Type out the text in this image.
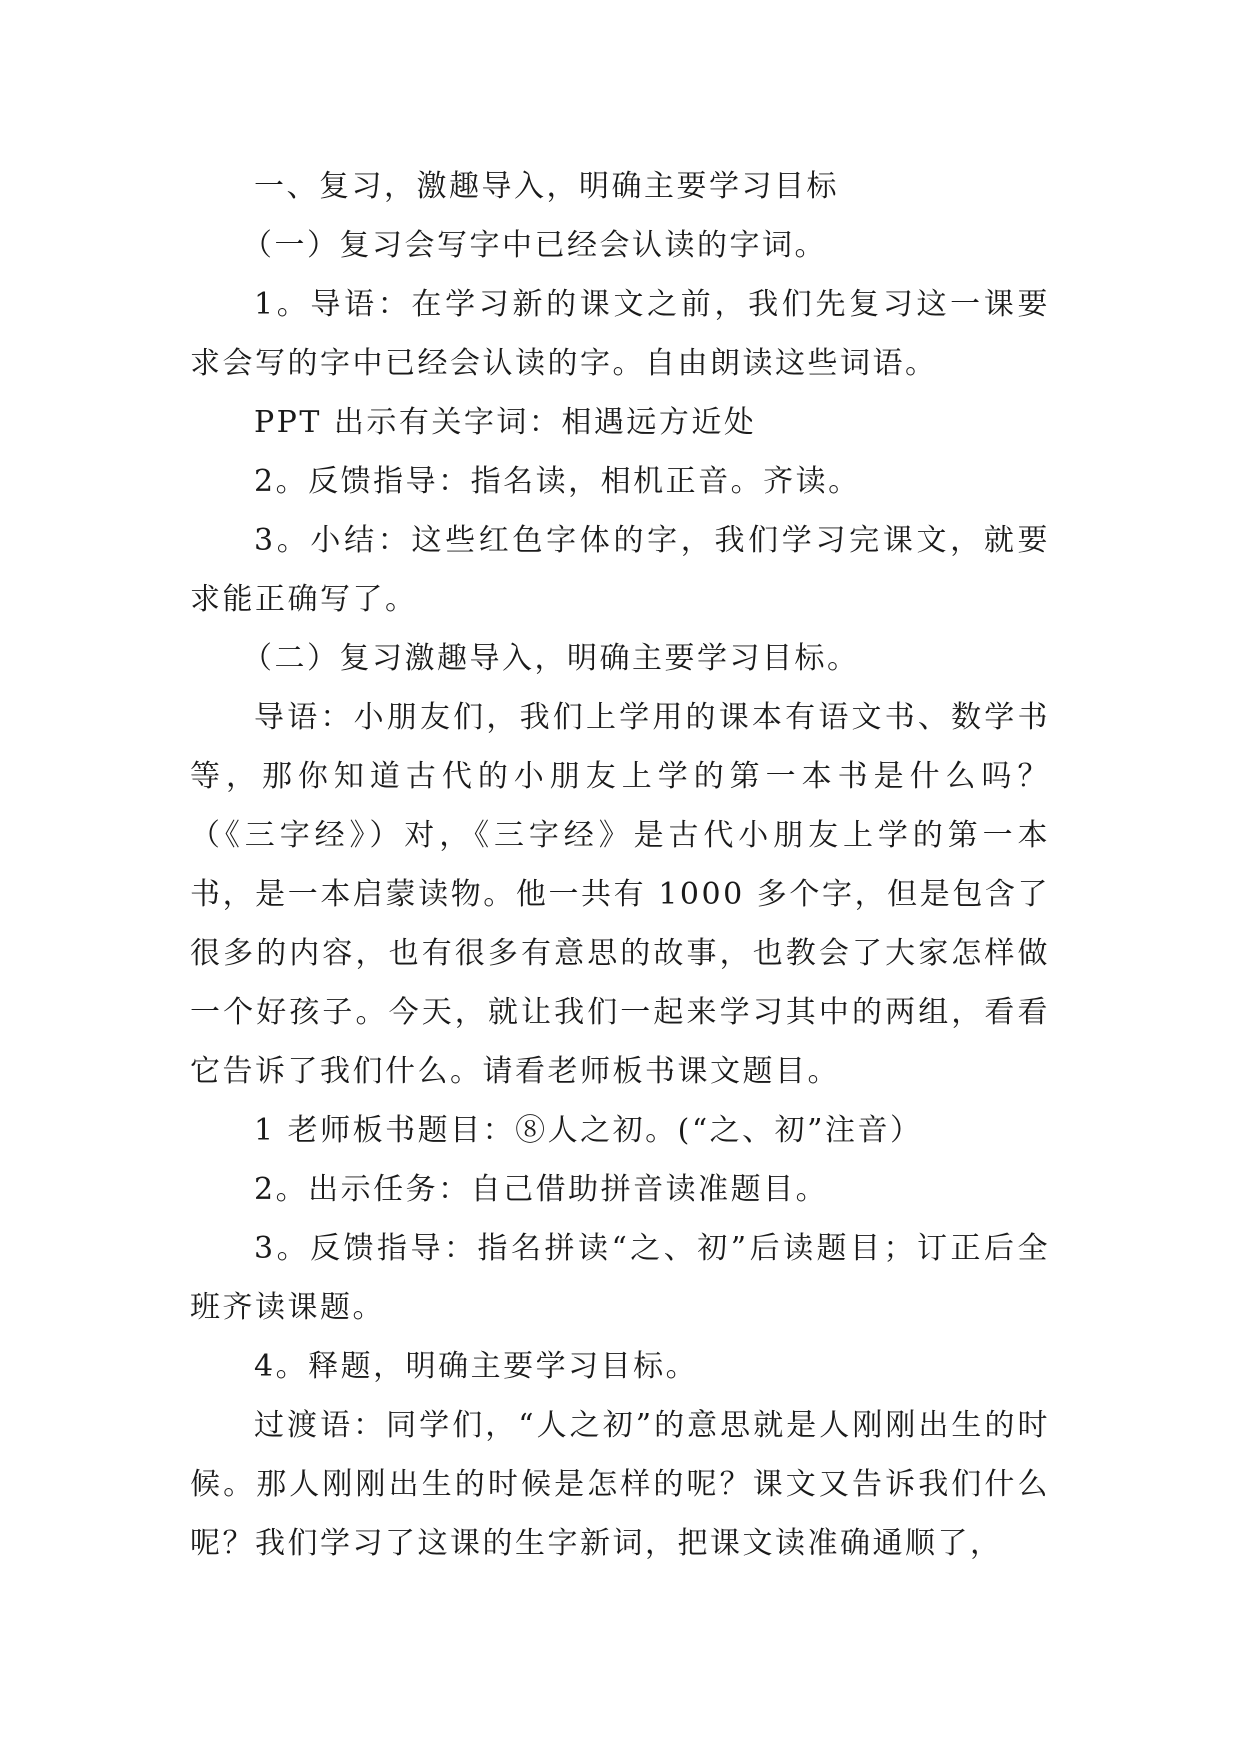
一、复习，激趣导入，明确主要学习目标

（一）复习会写字中已经会认读的字词。

1。导语：在学习新的课文之前，我们先复习这一课要求会写的字中已经会认读的字。自由朗读这些词语。

PPT 出示有关字词：相遇远方近处

2。反馈指导：指名读，相机正音。齐读。

3。小结：这些红色字体的字，我们学习完课文，就要求能正确写了。

（二）复习激趣导入，明确主要学习目标。

导语：小朋友们，我们上学用的课本有语文书、数学书等，那你知道古代的小朋友上学的第一本书是什么吗？（《三字经》）对，《三字经》是古代小朋友上学的第一本书，是一本启蒙读物。他一共有 1000 多个字，但是包含了很多的内容，也有很多有意思的故事，也教会了大家怎样做一个好孩子。今天，就让我们一起来学习其中的两组，看看它告诉了我们什么。请看老师板书课文题目。

1 老师板书题目：⑧人之初。(“之、初”注音）

2。出示任务：自己借助拼音读准题目。

3。反馈指导：指名拼读“之、初”后读题目；订正后全班齐读课题。

4。释题，明确主要学习目标。

过渡语：同学们，“人之初”的意思就是人刚刚出生的时候。那人刚刚出生的时候是怎样的呢？课文又告诉我们什么呢？我们学习了这课的生字新词，把课文读准确通顺了，
